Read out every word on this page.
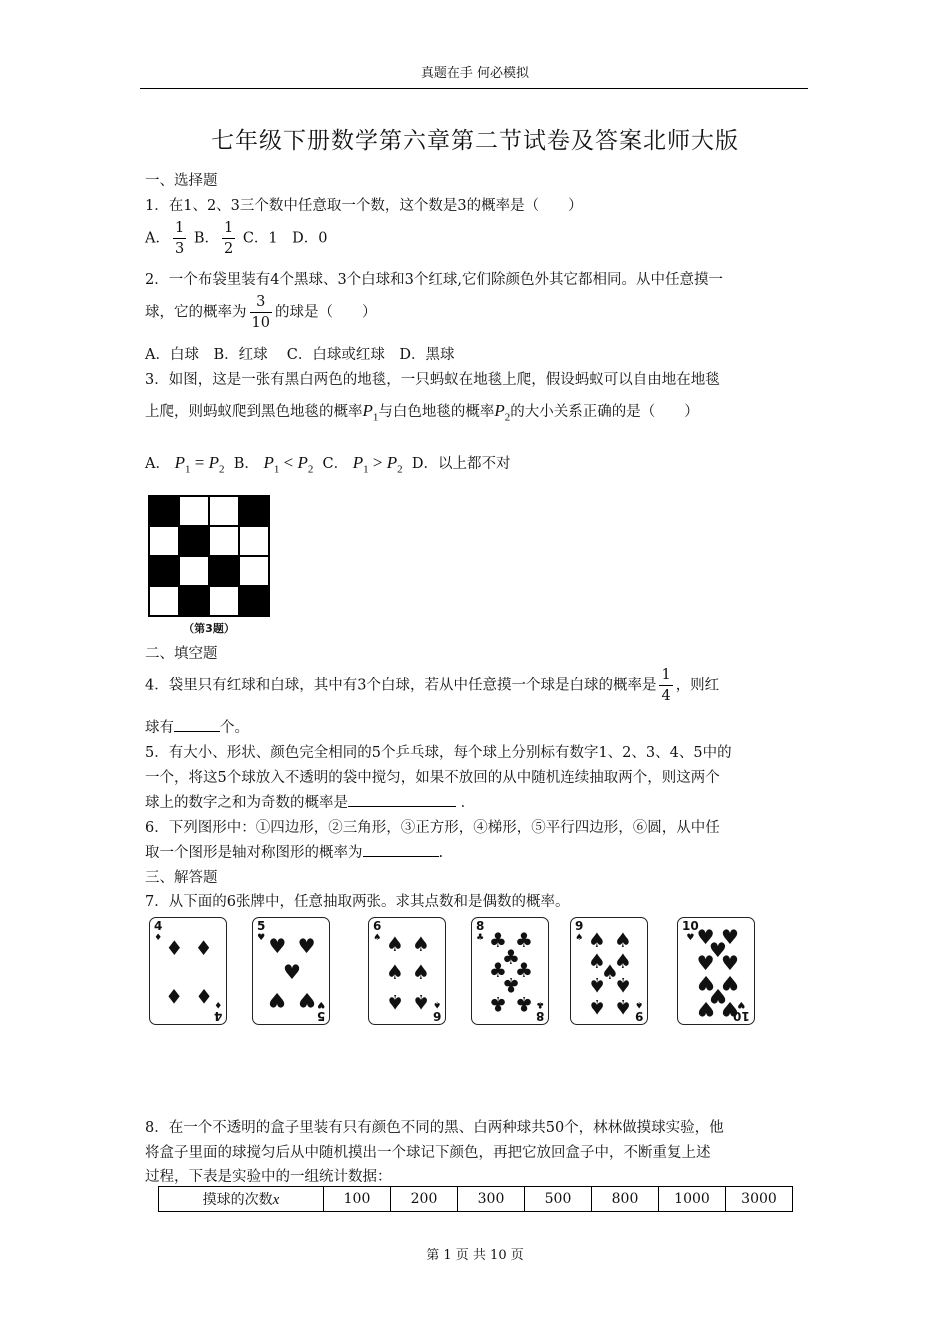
真题在手 何必模拟
七年级下册数学第六章第二节试卷及答案北师大版
一、选择题
1．在1、2、3三个数中任意取一个数，这个数是3的概率是（　　）
A． $\frac{1}{3}$ B． $\frac{1}{2}$ C．1　D．0
2．一个布袋里装有4个黑球、3个白球和3个红球,它们除颜色外其它都相同。从中任意摸一
球，它的概率为 $\frac{3}{10}$ 的球是（　　）
A．白球　B．红球　 C．白球或红球　D．黑球
3．如图，这是一张有黑白两色的地毯，一只蚂蚁在地毯上爬，假设蚂蚁可以自由地在地毯
上爬，则蚂蚁爬到黑色地毯的概率$P_1$与白色地毯的概率$P_2$的大小关系正确的是（　　）
A． $P_1 = P_2$ B． $P_1 < P_2$ C． $P_1 > P_2$ D．以上都不对
（第3题）
二、填空题
4．袋里只有红球和白球，其中有3个白球，若从中任意摸一个球是白球的概率是 $\frac{1}{4}$ ，则红
球有	个。
5．有大小、形状、颜色完全相同的5个乒乓球，每个球上分别标有数字1、2、3、4、5中的
一个，将这5个球放入不透明的袋中搅匀，如果不放回的从中随机连续抽取两个，则这两个
球上的数字之和为奇数的概率是	．
6．下列图形中：①四边形，②三角形，③正方形，④梯形，⑤平行四边形，⑥圆，从中任
取一个图形是轴对称图形的概率为	.
三、解答题
7．从下面的6张牌中，任意抽取两张。求其点数和是偶数的概率。
4
♦
4
♦
♦ ♦
♦ ♦
5
♥
5
♥
♥ ♥
♥
♥ ♥
6
♠
6
♠
♠ ♠
♠ ♠
♠ ♠
8
♣
8
♣
♣ ♣
♣
♣ ♣
♣
♣ ♣
9
♠
9
♠
♠ ♠
♠ ♠
♠
♠ ♠
♠ ♠
10
♥
10
♥
♥ ♥
♥
♥ ♥
♥ ♥
♥
♥ ♥
8．在一个不透明的盒子里装有只有颜色不同的黑、白两种球共50个，林林做摸球实验，他
将盒子里面的球搅匀后从中随机摸出一个球记下颜色，再把它放回盒子中，不断重复上述
过程，下表是实验中的一组统计数据：
摸球的次数x	100	200	300	500	800	1000	3000
第 1 页 共 10 页
